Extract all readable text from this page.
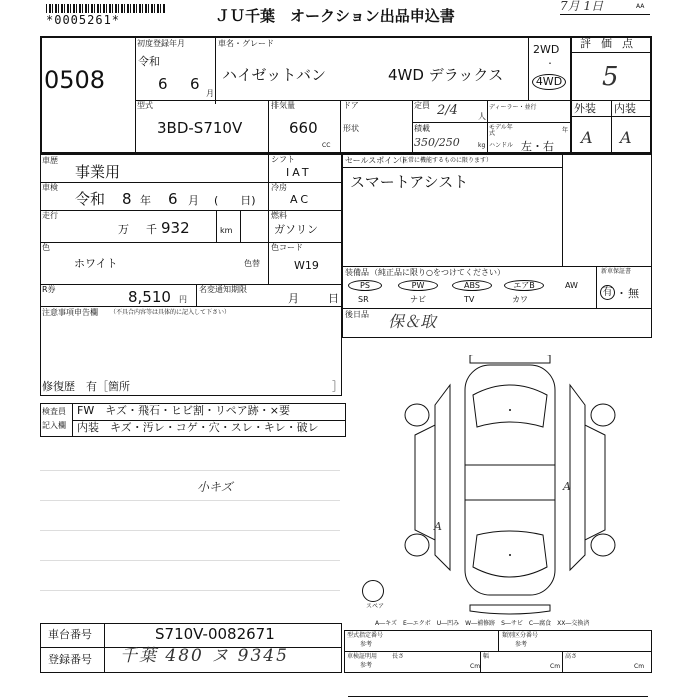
*0005261*	ＪＵ千葉　オークション出品申込書
7月 1日	AA
0508
初度登録年月
令和
6 6
月
車名・グレード
ハイゼットバン	4WD デラックス
2WD
・
4WD
評価点
5
外装 内装
A A
型式
3BD-S710V
排気量
660
CC
ドア
形状
定員 2/4	人
積載
350/250	kg
ディーラー・並行
モデル年式	年
ハンドル 左・右
車歴
事業用
シフト
IAT
車検
令和 8 年 6 月 (　　日)
冷房
AC
走行
万 千 932	km
燃料
ガソリン
色
ホワイト	色替
色コード
W19
R券	8,510 円
名変通知期限
月	日
注意事項申告欄 （不具合内容等は具体的に記入して下さい）
修復歴　有［箇所	］
検査員
記入欄
FW　キズ・飛石・ヒビ割・リペア跡・×要
内装　キズ・汚レ・コゲ・穴・スレ・キレ・破レ
小キズ
セールスポイント
（正常に機能するものに限ります）
スマートアシスト
装備品 （純正品に限り○をつけてください）
PS	PW	ABS	エアB	AW
SR	ナビ	TV	カワ
新車保証書
有 ・ 無
後日品 保＆取
A
A
スペア
A―キズ　E―エクボ　U―凹み　W―補修跡　S―サビ　C―腐食　XX―交換済
車台番号	S710V-0082671
登録番号 千葉 480 ヌ 9345
型式指定番号
参考
類別区分番号
参考
車検証明用
参考
長さ
Cm
幅
Cm
高さ
Cm
